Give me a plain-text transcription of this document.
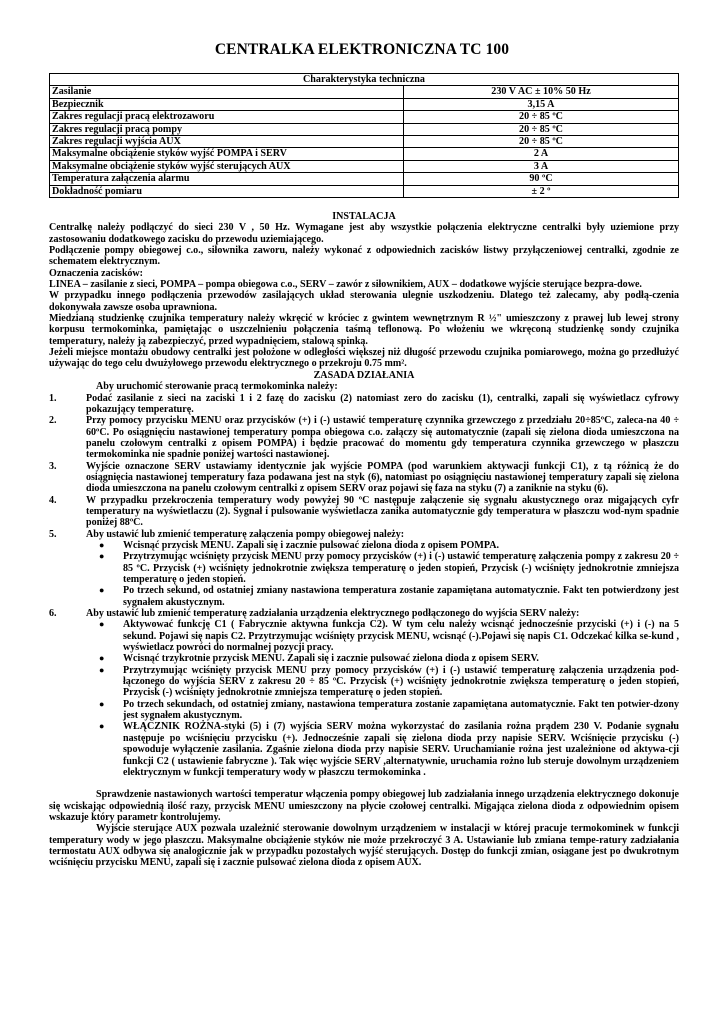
CENTRALKA ELEKTRONICZNA TC 100
Charakterystyka techniczna	
Zasilanie	230 V AC ± 10% 50 Hz
Bezpiecznik	3,15 A
Zakres regulacji pracą elektrozaworu	20 ÷ 85 ºC
Zakres regulacji pracą pompy	20 ÷ 85 ºC
Zakres regulacji wyjścia AUX	20 ÷ 85 ºC
Maksymalne obciążenie styków wyjść POMPA i SERV	2 A
Maksymalne obciążenie styków wyjść sterujących AUX	3 A
Temperatura załączenia alarmu	90 ºC
Dokładność pomiaru	± 2 º

INSTALACJA

Centralkę należy podłączyć do sieci 230 V , 50 Hz. Wymagane jest aby wszystkie połączenia elektryczne centralki były uziemione przy zastosowaniu dodatkowego zacisku do przewodu uziemiającego.

Podłączenie pompy obiegowej c.o., siłownika zaworu, należy wykonać z odpowiednich zacisków listwy przyłączeniowej centralki, zgodnie ze schematem elektrycznym.

Oznaczenia zacisków:

LINEA – zasilanie z sieci, POMPA – pompa obiegowa c.o., SERV – zawór z siłownikiem, AUX – dodatkowe wyjście sterujące bezpra-dowe.

W przypadku innego podłączenia przewodów zasilających układ sterowania ulegnie uszkodzeniu. Dlatego też zalecamy, aby podłą-czenia dokonywała zawsze osoba uprawniona.

Miedzianą studzienkę czujnika temperatury należy wkręcić w króciec z gwintem wewnętrznym R ½" umieszczony z prawej lub lewej strony korpusu termokominka, pamiętając o uszczelnieniu połączenia taśmą teflonową. Po włożeniu we wkręconą studzienkę sondy czujnika temperatury, należy ją zabezpieczyć, przed wypadnięciem, stalową spinką.

Jeżeli miejsce montażu obudowy centralki jest położone w odległości większej niż długość przewodu czujnika pomiarowego, można go przedłużyć używając do tego celu dwużyłowego przewodu elektrycznego o przekroju 0.75 mm².

ZASADA DZIAŁANIA

Aby uruchomić sterowanie pracą termokominka należy:

1.	Podać zasilanie z sieci na zaciski 1 i 2 fazę do zacisku (2) natomiast zero do zacisku (1), centralki, zapali się wyświetlacz cyfrowy pokazujący temperaturę.

2.	Przy pomocy przycisku MENU oraz przycisków (+) i (-) ustawić temperaturę czynnika grzewczego z przedziału 20÷85ºC, zaleca-na 40 ÷ 60ºC. Po osiągnięciu nastawionej temperatury pompa obiegowa c.o. załączy się automatycznie (zapali się zielona dioda umieszczona na panelu czołowym centralki z opisem POMPA) i będzie pracować do momentu gdy temperatura czynnika grzewczego w płaszczu termokominka nie spadnie poniżej wartości nastawionej.

3.	Wyjście oznaczone SERV ustawiamy identycznie jak wyjście POMPA (pod warunkiem aktywacji funkcji C1), z tą różnicą że do osiągnięcia nastawionej temperatury faza podawana jest na styk (6), natomiast po osiągnięciu nastawionej temperatury zapali się zielona dioda umieszczona na panelu czołowym centralki z opisem SERV oraz pojawi się faza na styku (7) a zaniknie na styku (6).

4.	W przypadku przekroczenia temperatury wody powyżej 90 ºC następuje załączenie się sygnału akustycznego oraz migających cyfr temperatury na wyświetlaczu (2). Sygnał i pulsowanie wyświetlacza zanika automatycznie gdy temperatura w płaszczu wod-nym spadnie poniżej 88ºC.

5.	Aby ustawić lub zmienić temperaturę załączenia pompy obiegowej należy:

● Wcisnąć przycisk MENU. Zapali się i zacznie pulsować zielona dioda z opisem POMPA.

● Przytrzymując wciśnięty przycisk MENU przy pomocy przycisków (+) i (-) ustawić temperaturę załączenia pompy z zakresu 20 ÷ 85 ºC. Przycisk (+) wciśnięty jednokrotnie zwiększa temperaturę o jeden stopień, Przycisk (-) wciśnięty jednokrotnie zmniejsza temperaturę o jeden stopień.

● Po trzech sekund, od ostatniej zmiany nastawiona temperatura zostanie zapamiętana automatycznie. Fakt ten potwierdzony jest sygnałem akustycznym.

6.	Aby ustawić lub zmienić temperaturę zadziałania urządzenia elektrycznego podłączonego do wyjścia SERV należy:

● Aktywować funkcję C1 ( Fabrycznie aktywna funkcja C2). W tym celu należy wcisnąć jednocześnie przyciski (+) i (-) na 5 sekund. Pojawi się napis C2. Przytrzymując wciśnięty przycisk MENU, wcisnąć (-).Pojawi się napis C1. Odczekać kilka se-kund , wyświetlacz powróci do normalnej pozycji pracy.

● Wcisnąć trzykrotnie przycisk MENU. Zapali się i zacznie pulsować zielona dioda z opisem SERV.

● Przytrzymując wciśnięty przycisk MENU przy pomocy przycisków (+) i (-) ustawić temperaturę załączenia urządzenia pod-łączonego do wyjścia SERV z zakresu 20 ÷ 85 ºC. Przycisk (+) wciśnięty jednokrotnie zwiększa temperaturę o jeden stopień, Przycisk (-) wciśnięty jednokrotnie zmniejsza temperaturę o jeden stopień.

● Po trzech sekundach, od ostatniej zmiany, nastawiona temperatura zostanie zapamiętana automatycznie. Fakt ten potwier-dzony jest sygnałem akustycznym.

● WŁĄCZNIK ROŻNA-styki (5) i (7) wyjścia SERV można wykorzystać do zasilania rożna prądem 230 V. Podanie sygnału następuje po wciśnięciu przycisku (+). Jednocześnie zapali się zielona dioda przy napisie SERV. Wciśnięcie przycisku (-) spowoduje wyłączenie zasilania. Zgaśnie zielona dioda przy napisie SERV. Uruchamianie rożna jest uzależnione od aktywa-cji funkcji C2 ( ustawienie fabryczne ). Tak więc wyjście SERV ,alternatywnie, uruchamia rożno lub steruje dowolnym urządzeniem elektrycznym w funkcji temperatury wody w płaszczu termokominka .

Sprawdzenie nastawionych wartości temperatur włączenia pompy obiegowej lub zadziałania innego urządzenia elektrycznego dokonuje się wciskając odpowiednią ilość razy, przycisk MENU umieszczony na płycie czołowej centralki. Migająca zielona dioda z odpowiednim opisem wskazuje który parametr kontrolujemy.

Wyjście sterujące AUX pozwala uzależnić sterowanie dowolnym urządzeniem w instalacji w której pracuje termokominek w funkcji temperatury wody w jego płaszczu. Maksymalne obciążenie styków nie może przekroczyć 3 A. Ustawianie lub zmiana tempe-ratury zadziałania termostatu AUX odbywa się analogicznie jak w przypadku pozostałych wyjść sterujących. Dostęp do funkcji zmian, osiągane jest po dwukrotnym wciśnięciu przycisku MENU, zapali się i zacznie pulsować zielona dioda z opisem AUX.
